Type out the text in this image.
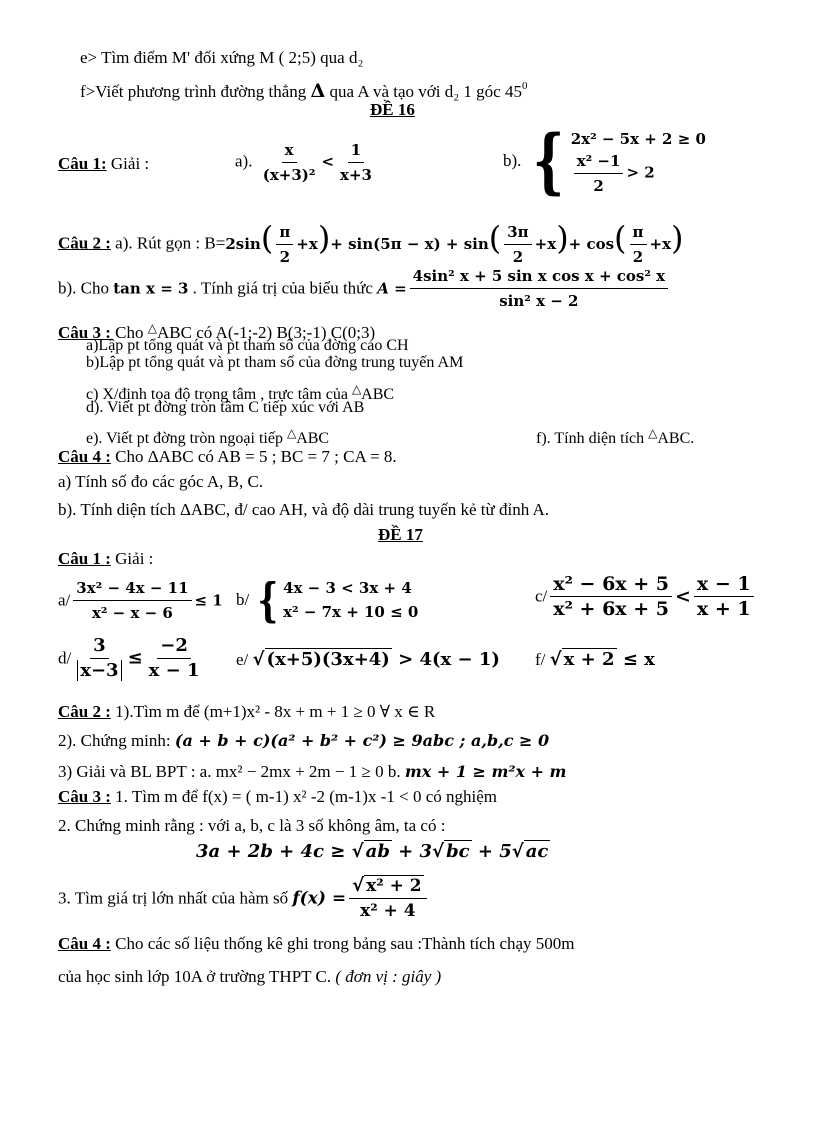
e> Tìm điểm M' đối xứng M ( 2;5) qua d₂
f>Viết phương trình đường thẳng Δ qua A và tạo với d₂ 1 góc $45^0$
ĐỀ 16
Câu 1: Giải :	a). $\frac{x}{\text{(x+3)²}} < \frac{1}{x+3}$	b). { 2x² − 5x + 2 ≥ 0
$\frac{\text{x² −1}}{2} > 2$
Câu 2 : a). Rút gọn : $B=2\sin( \frac{\pi}{2} +x)+ \sin(5\pi - x) + \sin( \frac{3\pi}{2} +x)+ \cos( \frac{\pi}{2} +x)$
b). Cho tan x = 3 . Tính giá trị của biểu thức $A = \frac{\text{4sin² x + 5 sin x cos x + cos² x}}{\text{sin² x − 2}}$
Câu 3 : Cho △ABC có A(-1;-2) B(3;-1) C(0;3)
a)Lập pt tổng quát và pt tham số của đờng cao CH
b)Lập pt tổng quát và pt tham số của đờng trung tuyến AM
c) X/định tọa độ trọng tâm , trực tâm của △ABC
d). Viết pt đờng tròn tâm C tiếp xúc với AB
e). Viết pt đờng tròn ngoại tiếp △ABC	f). Tính diện tích △ABC.
Câu 4 : Cho ΔABC có AB = 5 ; BC = 7 ; CA = 8.
a) Tính số đo các góc A, B, C.
b). Tính diện tích ΔABC, đ/ cao AH, và độ dài trung tuyến kẻ từ đỉnh A.
ĐỀ 17
Câu 1 : Giải :
$a/ \frac{\text{3x² − 4x − 11}}{\text{x² − x − 6}} \le 1$ b/ { 4x − 3 < 3x + 4
x² − 7x + 10 ≤ 0
$c/ \frac{\text{x² − 6x + 5}}{\text{x² + 6x + 5}} < \frac{x - 1}{x + 1}$
$d/ \frac{3}{x-3} \le \frac{-2}{x - 1} e/$ √ (x+5)(3x+4) > 4(x − 1) f/ √ x + 2 ≤ x
Câu 2 : 1).Tìm m để (m+1)x² - 8x + m + 1 ≥ 0 ∀ x ∈ R
2). Chứng minh: (a + b + c)(a² + b² + c²) ≥ 9abc ; a,b,c ≥ 0
3) Giải và BL BPT : a. mx² − 2mx + 2m − 1 ≥ 0 b. mx + 1 ≥ m²x + m
Câu 3 : 1. Tìm m để f(x) = ( m-1) x² -2 (m-1)x -1 < 0 có nghiệm
2. Chứng minh rằng : với a, b, c là 3 số không âm, ta có :
3a + 2b + 4c ≥ √ ab + 3√ bc + 5√ ac
3. Tìm giá trị lớn nhất của hàm số $f(x) = \frac{\text{√ x² + 2}}{\text{x² + 4}}$
Câu 4 : Cho các số liệu thống kê ghi trong bảng sau :Thành tích chạy 500m
của học sinh lớp 10A ở trường THPT C. ( đơn vị : giây )
